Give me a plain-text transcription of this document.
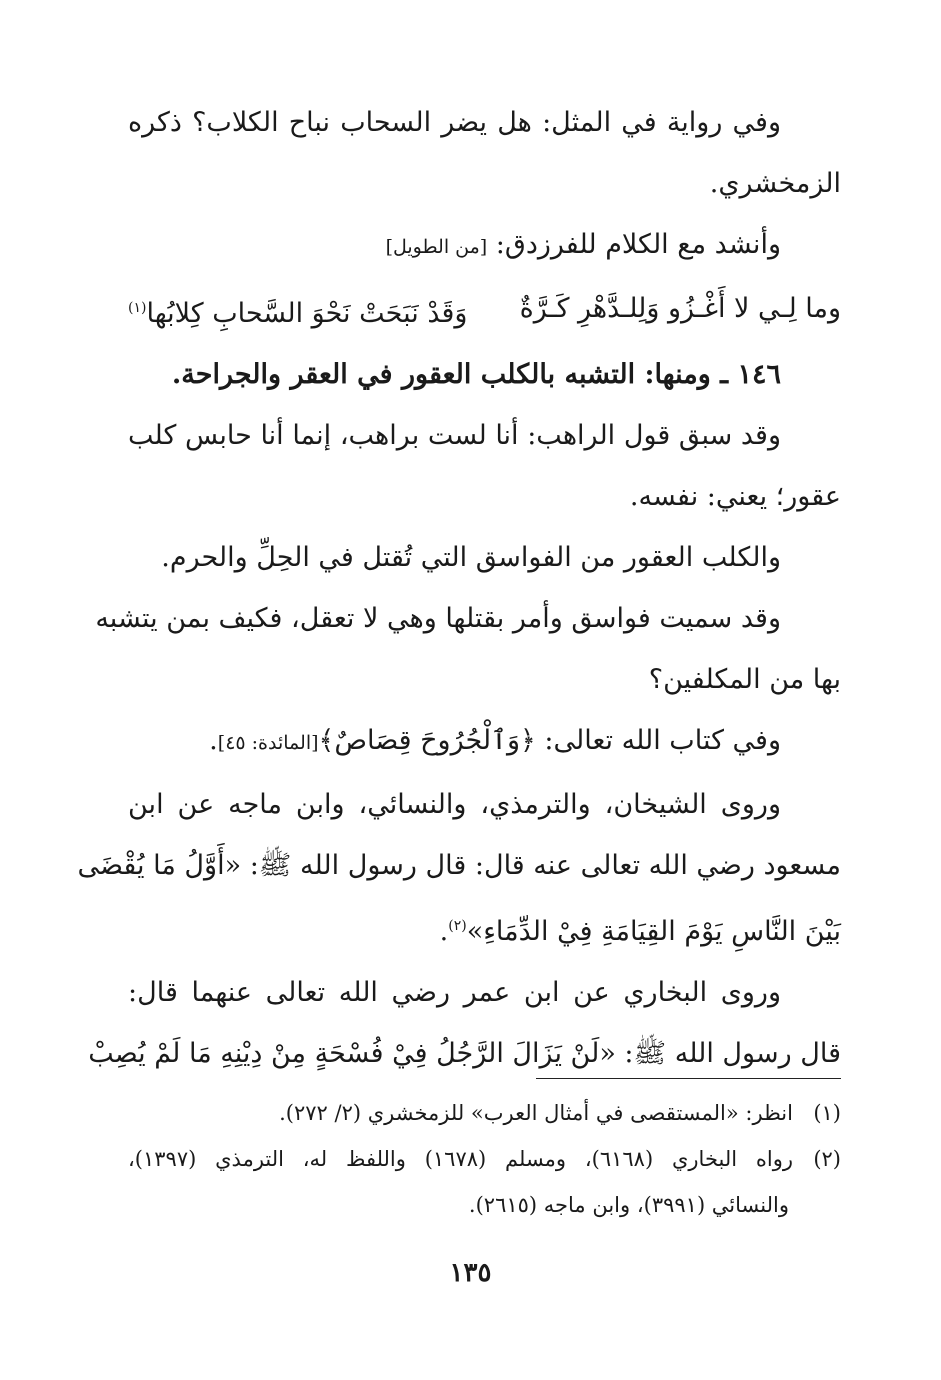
وفي رواية في المثل: هل يضر السحاب نباح الكلاب؟ ذكره
الزمخشري.
وأنشد مع الكلام للفرزدق: [من الطويل]
وما لِـي لا أَغْـزُو وَلِلـدَّهْرِ كَـرَّةٌ
وَقَدْ نَبَحَتْ نَحْوَ السَّحابِ كِلابُها$^{(١)}$
١٤٦ ـ ومنها: التشبه بالكلب العقور في العقر والجراحة.
وقد سبق قول الراهب: أنا لست براهب، إنما أنا حابس كلب
عقور؛ يعني: نفسه.
والكلب العقور من الفواسق التي تُقتل في الحِلِّ والحرم.
وقد سميت فواسق وأمر بقتلها وهي لا تعقل، فكيف بمن يتشبه
بها من المكلفين؟
وفي كتاب الله تعالى: ﴿وَٱلْجُرُوحَ قِصَاصٌ﴾[المائدة: ٤٥].
وروى الشيخان، والترمذي، والنسائي، وابن ماجه عن ابن
مسعود رضي الله تعالى عنه قال: قال رسول الله ﷺ: «أَوَّلُ مَا يُقْضَى
بَيْنَ النَّاسِ يَوْمَ القِيَامَةِ فِيْ الدِّمَاءِ»$^{(٢)}$.
وروى البخاري عن ابن عمر رضي الله تعالى عنهما قال:
قال رسول الله ﷺ: «لَنْ يَزَالَ الرَّجُلُ فِيْ فُسْحَةٍ مِنْ دِيْنِهِ مَا لَمْ يُصِبْ
(١)انظر: «المستقصى في أمثال العرب» للزمخشري (٢/ ٢٧٢).
(٢)رواه البخاري (٦١٦٨)، ومسلم (١٦٧٨) واللفظ له، الترمذي (١٣٩٧)،
والنسائي (٣٩٩١)، وابن ماجه (٢٦١٥).
١٣٥
